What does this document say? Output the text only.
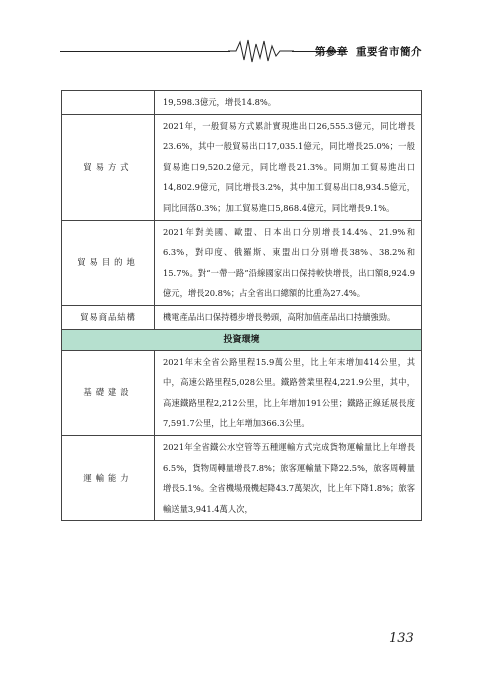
第參章 重要省市簡介
	19,598.3億元，增長14.8%。
貿易方式	2021年，一般貿易方式累計實現進出口26,555.3億元，同比增長23.6%，其中一般貿易出口17,035.1億元，同比增長25.0%；一般貿易進口9,520.2億元，同比增長21.3%。同期加工貿易進出口14,802.9億元，同比增長3.2%，其中加工貿易出口8,934.5億元，同比回落0.3%；加工貿易進口5,868.4億元，同比增長9.1%。
貿易目的地	2021年對美國、歐盟、日本出口分別增長14.4%、21.9%和6.3%，對印度、俄羅斯、東盟出口分別增長38%、38.2%和15.7%。對“一帶一路”沿線國家出口保持較快增長，出口額8,924.9億元，增長20.8%；占全省出口總額的比重為27.4%。
貿易商品結構	機電產品出口保持穩步增長勢頭，高附加值產品出口持續強勁。
投資環境	
基礎建設	2021年末全省公路里程15.9萬公里，比上年末增加414公里，其中，高速公路里程5,028公里。鐵路營業里程4,221.9公里，其中，高速鐵路里程2,212公里，比上年增加191公里；鐵路正線延展長度7,591.7公里，比上年增加366.3公里。
運輸能力	2021年全省鐵公水空管等五種運輸方式完成貨物運輸量比上年增長6.5%，貨物周轉量增長7.8%；旅客運輸量下降22.5%，旅客周轉量增長5.1%。全省機場飛機起降43.7萬架次，比上年下降1.8%；旅客輸送量3,941.4萬人次，
133
